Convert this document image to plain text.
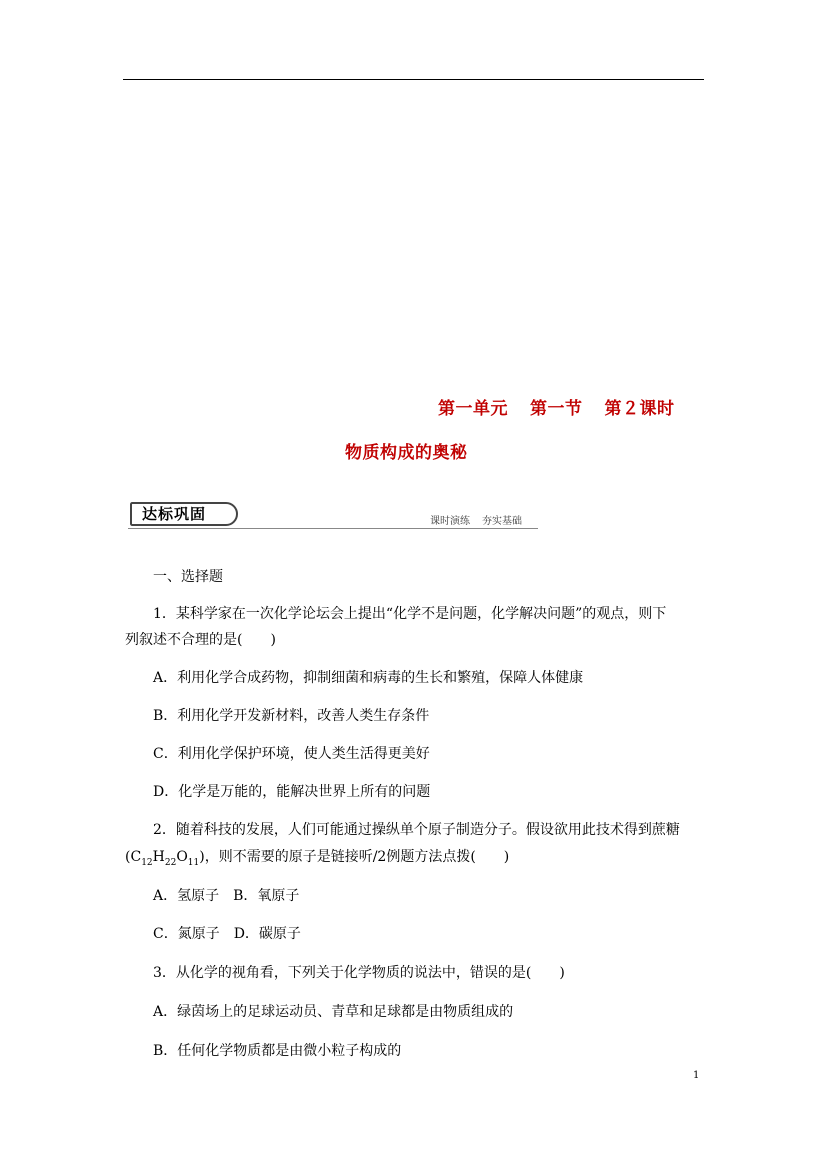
第一单元 第一节 第２课时
物质构成的奥秘
达标巩固	课时演练 夯实基础
一、选择题
1．某科学家在一次化学论坛会上提出“化学不是问题，化学解决问题”的观点，则下
列叙述不合理的是(　　)
A．利用化学合成药物，抑制细菌和病毒的生长和繁殖，保障人体健康
B．利用化学开发新材料，改善人类生存条件
C．利用化学保护环境，使人类生活得更美好
D．化学是万能的，能解决世界上所有的问题
2．随着科技的发展，人们可能通过操纵单个原子制造分子。假设欲用此技术得到蔗糖
$(C_{12}H_{22}O_{11})$，则不需要的原子是链接听/2例题方法点拨(　　)
A．氢原子　B．氧原子
C．氮原子　D．碳原子
3．从化学的视角看，下列关于化学物质的说法中，错误的是(　　)
A．绿茵场上的足球运动员、青草和足球都是由物质组成的
B．任何化学物质都是由微小粒子构成的
1
